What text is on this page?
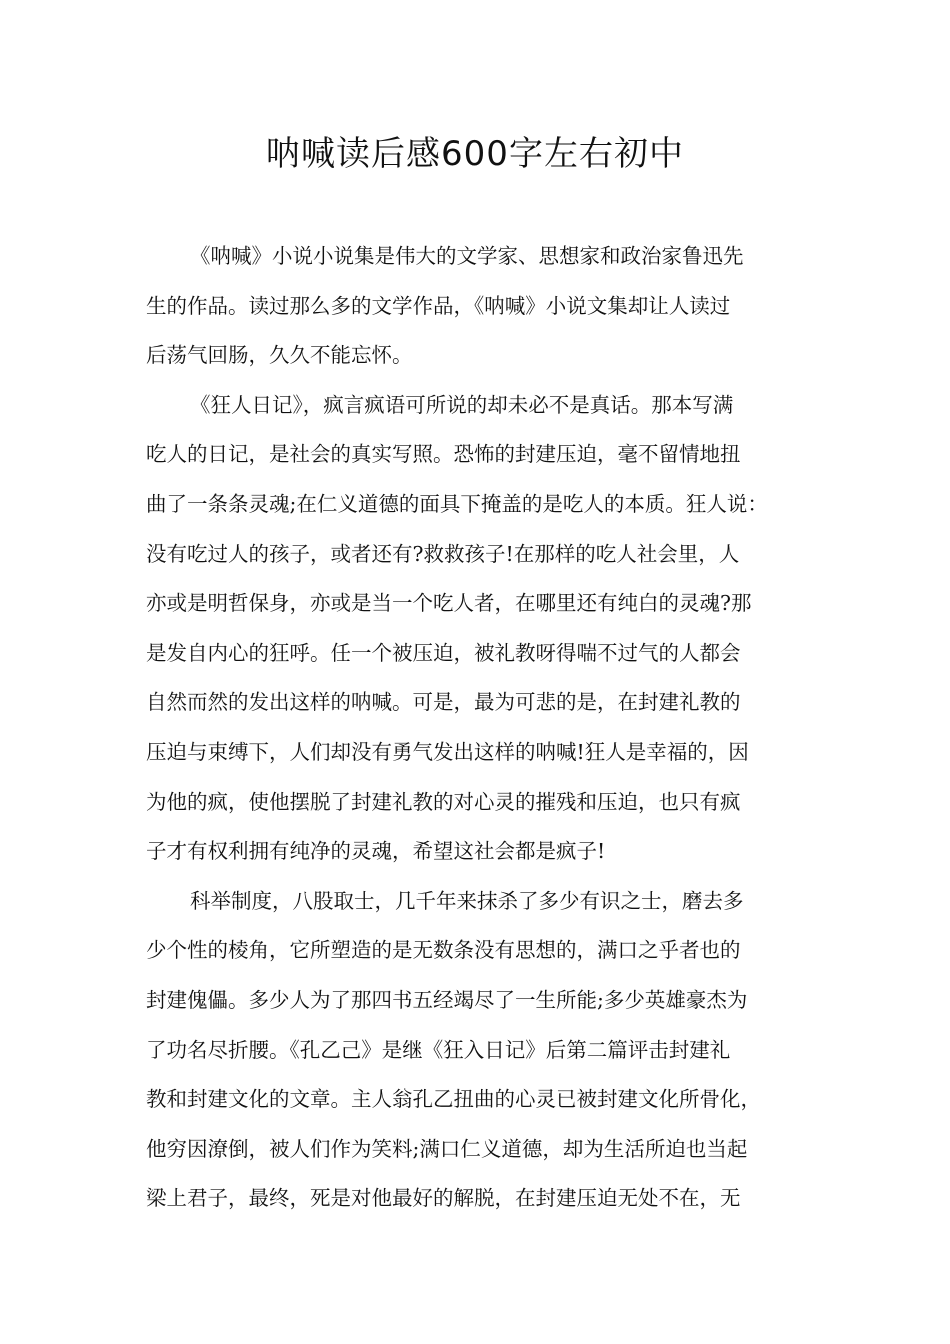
呐喊读后感600字左右初中
《呐喊》小说小说集是伟大的文学家、思想家和政治家鲁迅先
生的作品。读过那么多的文学作品，《呐喊》小说文集却让人读过
后荡气回肠，久久不能忘怀。
《狂人日记》，疯言疯语可所说的却未必不是真话。那本写满
吃人的日记，是社会的真实写照。恐怖的封建压迫，毫不留情地扭
曲了一条条灵魂;在仁义道德的面具下掩盖的是吃人的本质。狂人说：
没有吃过人的孩子，或者还有?救救孩子!在那样的吃人社会里，人
亦或是明哲保身，亦或是当一个吃人者，在哪里还有纯白的灵魂?那
是发自内心的狂呼。任一个被压迫，被礼教呀得喘不过气的人都会
自然而然的发出这样的呐喊。可是，最为可悲的是，在封建礼教的
压迫与束缚下，人们却没有勇气发出这样的呐喊!狂人是幸福的，因
为他的疯，使他摆脱了封建礼教的对心灵的摧残和压迫，也只有疯
子才有权利拥有纯净的灵魂，希望这社会都是疯子!
科举制度，八股取士，几千年来抹杀了多少有识之士，磨去多
少个性的棱角，它所塑造的是无数条没有思想的，满口之乎者也的
封建傀儡。多少人为了那四书五经竭尽了一生所能;多少英雄豪杰为
了功名尽折腰。《孔乙己》是继《狂入日记》后第二篇评击封建礼
教和封建文化的文章。主人翁孔乙扭曲的心灵已被封建文化所骨化，
他穷因潦倒，被人们作为笑料;满口仁义道德，却为生活所迫也当起
梁上君子，最终，死是对他最好的解脱，在封建压迫无处不在，无
